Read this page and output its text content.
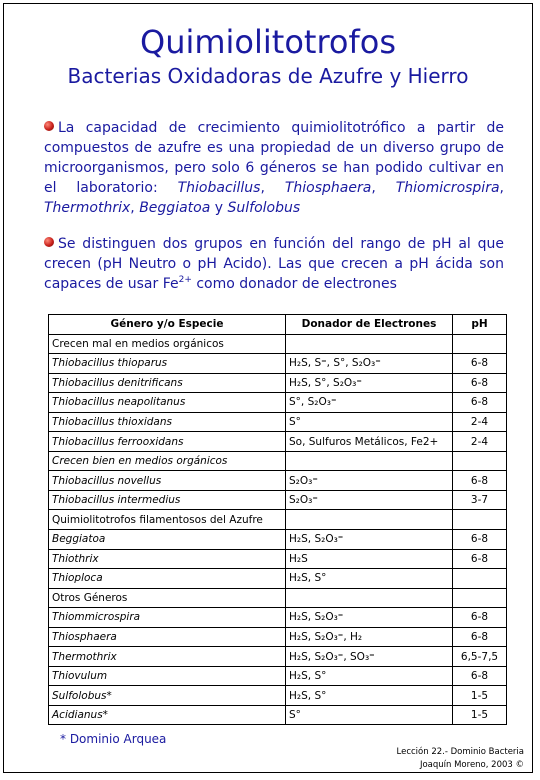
Quimiolitotrofos
Bacterias Oxidadoras de Azufre y Hierro
La capacidad de crecimiento quimiolitotrófico a partir de compuestos de azufre es una propiedad de un diverso grupo de microorganismos, pero solo 6 géneros se han podido cultivar en el laboratorio: Thiobacillus, Thiosphaera, Thiomicrospira, Thermothrix, Beggiatoa y Sulfolobus
Se distinguen dos grupos en función del rango de pH al que crecen (pH Neutro o pH Acido). Las que crecen a pH ácida son capaces de usar $Fe^{2+}$ como donador de electrones
Género y/o Especie	Donador de Electrones	pH
Crecen mal en medios orgánicos		
Thiobacillus thioparus	H₂S, S⁼, S°, S₂O₃⁼	6-8
Thiobacillus denitrificans	H₂S, S°, S₂O₃⁼	6-8
Thiobacillus neapolitanus	S°, S₂O₃⁼	6-8
Thiobacillus thioxidans	S°	2-4
Thiobacillus ferrooxidans	So, Sulfuros Metálicos, Fe2+	2-4
Crecen bien en medios orgánicos		
Thiobacillus novellus	S₂O₃⁼	6-8
Thiobacillus intermedius	S₂O₃⁼	3-7
Quimiolitotrofos filamentosos del Azufre		
Beggiatoa	H₂S, S₂O₃⁼	6-8
Thiothrix	H₂S	6-8
Thioploca	H₂S, S°	
Otros Géneros		
Thiommicrospira	H₂S, S₂O₃⁼	6-8
Thiosphaera	H₂S, S₂O₃⁼, H₂	6-8
Thermothrix	H₂S, S₂O₃⁼, SO₃⁼	6,5-7,5
Thiovulum	H₂S, S°	6-8
Sulfolobus*	H₂S, S°	1-5
Acidianus*	S°	1-5
* Dominio Arquea
Lección 22.- Dominio Bacteria
Joaquín Moreno, 2003 ©
